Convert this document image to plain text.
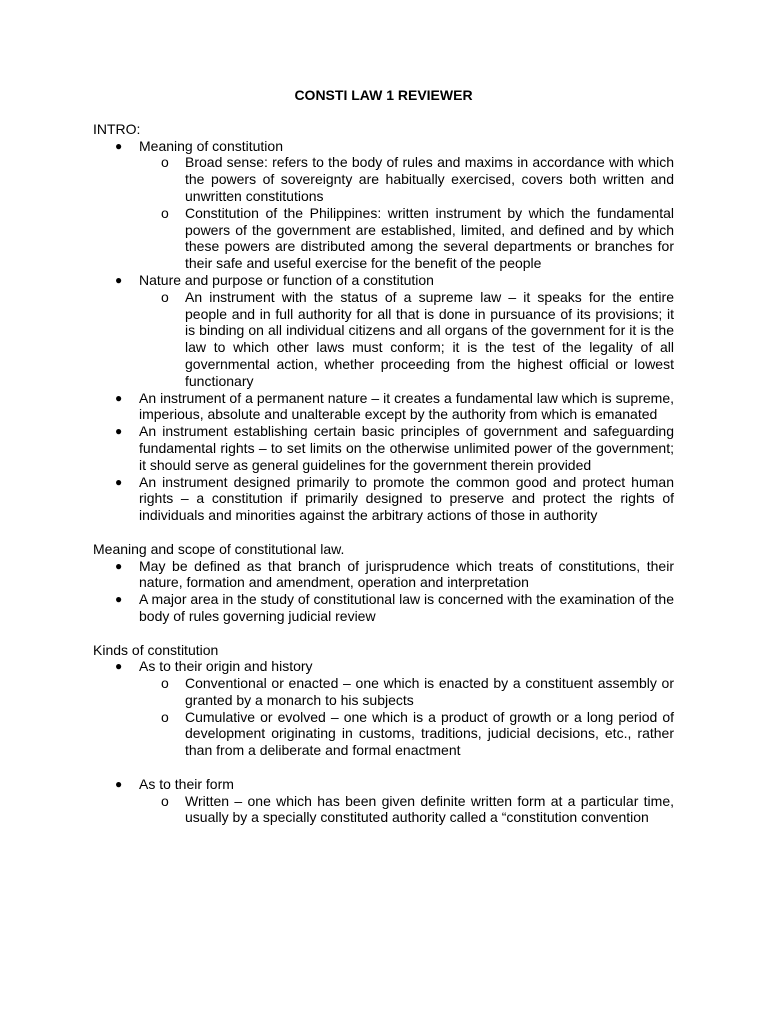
CONSTI LAW 1 REVIEWER
INTRO:
● Meaning of constitution
o Broad sense: refers to the body of rules and maxims in accordance with which the powers of sovereignty are habitually exercised, covers both written and unwritten constitutions
o Constitution of the Philippines: written instrument by which the fundamental powers of the government are established, limited, and defined and by which these powers are distributed among the several departments or branches for their safe and useful exercise for the benefit of the people
● Nature and purpose or function of a constitution
o An instrument with the status of a supreme law – it speaks for the entire people and in full authority for all that is done in pursuance of its provisions; it is binding on all individual citizens and all organs of the government for it is the law to which other laws must conform; it is the test of the legality of all governmental action, whether proceeding from the highest official or lowest functionary
● An instrument of a permanent nature – it creates a fundamental law which is supreme, imperious, absolute and unalterable except by the authority from which is emanated
● An instrument establishing certain basic principles of government and safeguarding fundamental rights – to set limits on the otherwise unlimited power of the government; it should serve as general guidelines for the government therein provided
● An instrument designed primarily to promote the common good and protect human rights – a constitution if primarily designed to preserve and protect the rights of individuals and minorities against the arbitrary actions of those in authority
Meaning and scope of constitutional law.
● May be defined as that branch of jurisprudence which treats of constitutions, their nature, formation and amendment, operation and interpretation
● A major area in the study of constitutional law is concerned with the examination of the body of rules governing judicial review
Kinds of constitution
● As to their origin and history
o Conventional or enacted – one which is enacted by a constituent assembly or granted by a monarch to his subjects
o Cumulative or evolved – one which is a product of growth or a long period of development originating in customs, traditions, judicial decisions, etc., rather than from a deliberate and formal enactment
● As to their form
o Written – one which has been given definite written form at a particular time, usually by a specially constituted authority called a “constitution convention
